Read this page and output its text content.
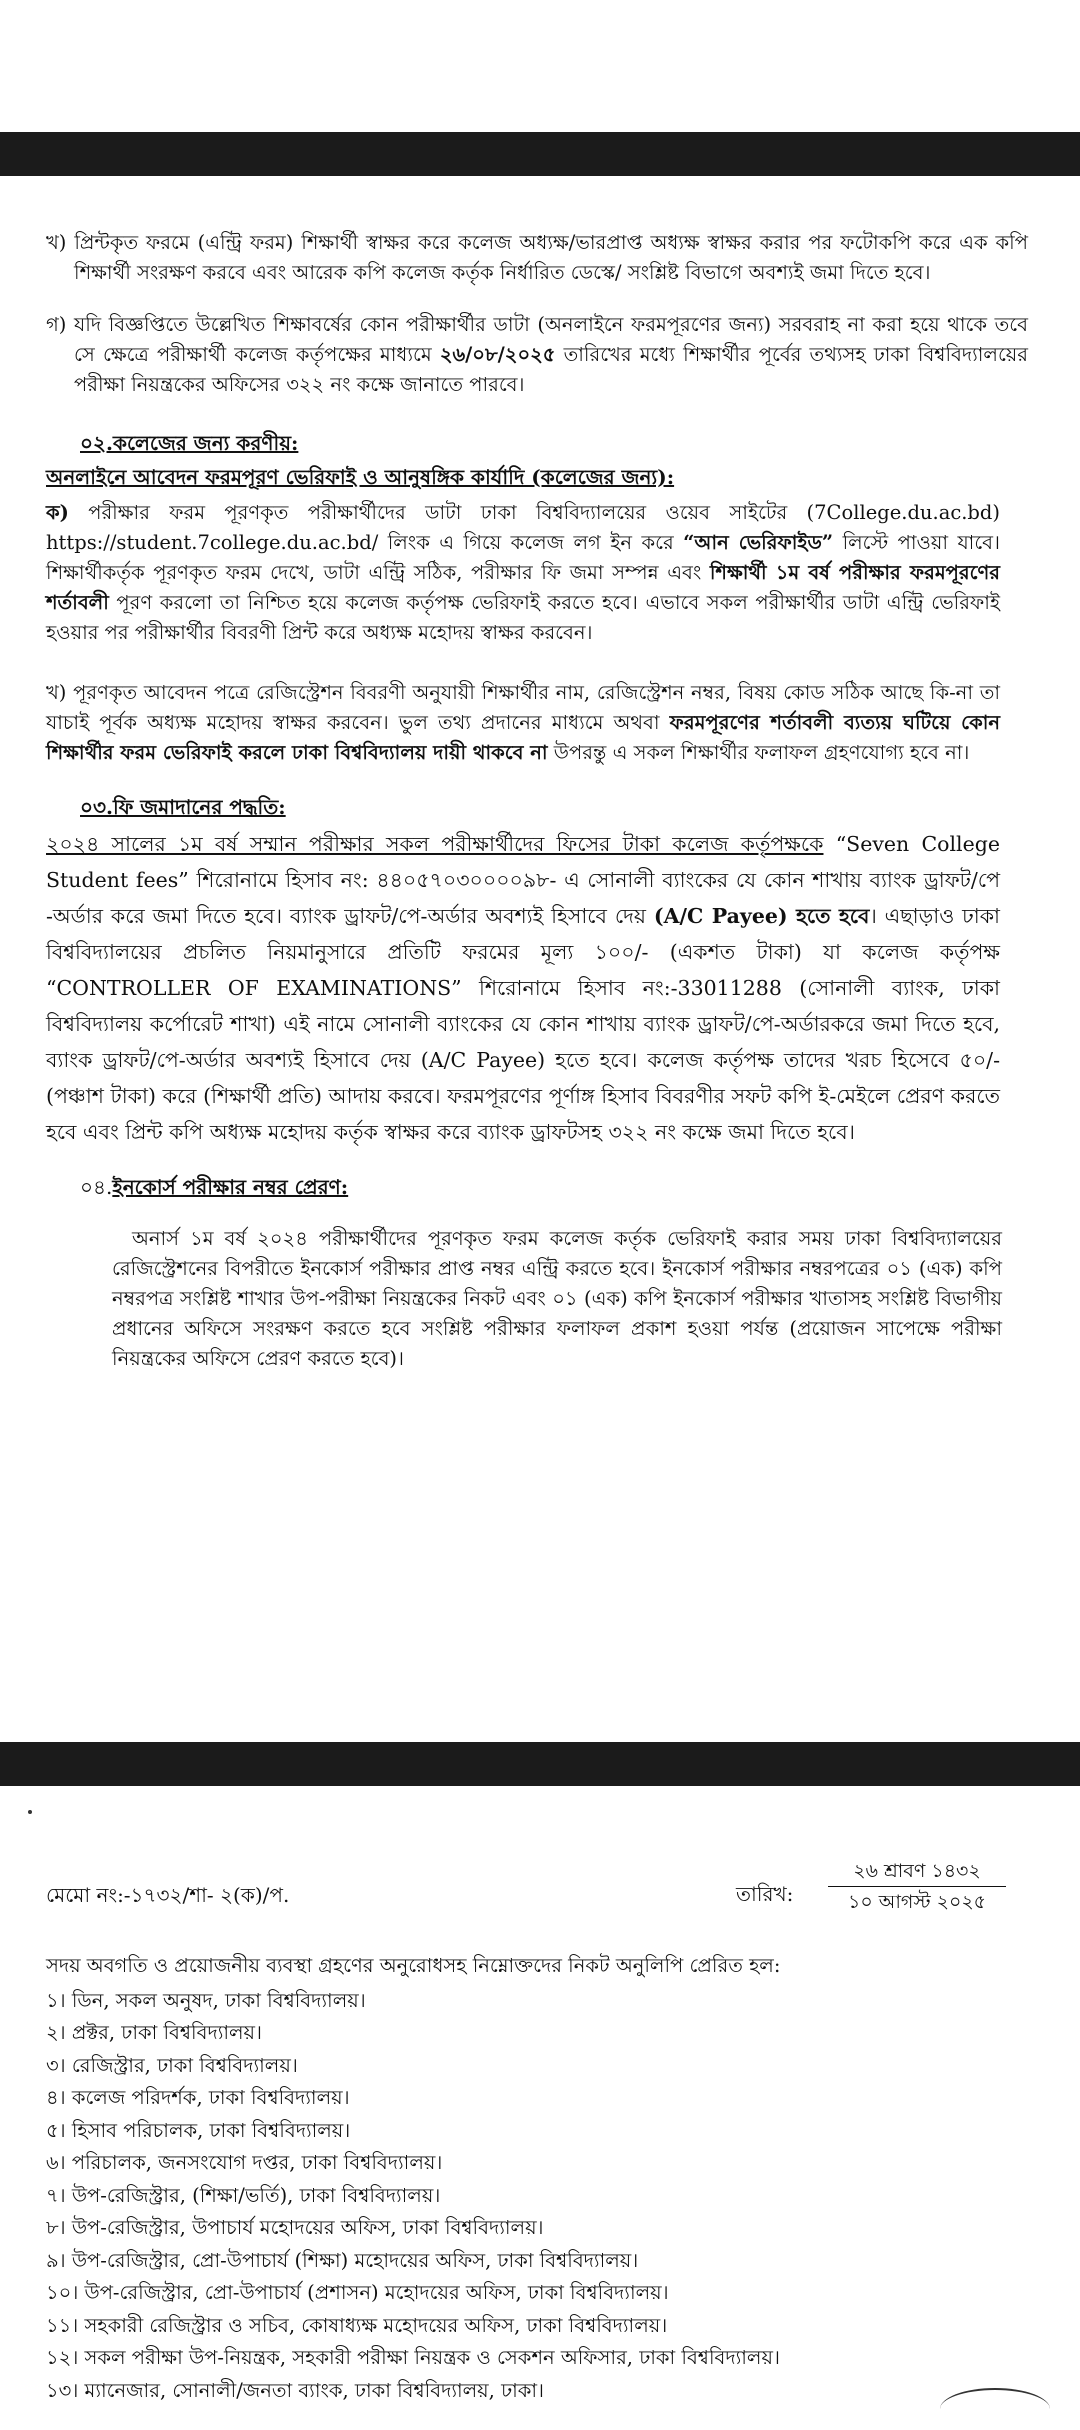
খ) প্রিন্টকৃত ফরমে (এন্ট্রি ফরম) শিক্ষার্থী স্বাক্ষর করে কলেজ অধ্যক্ষ/ভারপ্রাপ্ত অধ্যক্ষ স্বাক্ষর করার পর ফটোকপি করে এক কপি শিক্ষার্থী সংরক্ষণ করবে এবং আরেক কপি কলেজ কর্তৃক নির্ধারিত ডেস্কে/ সংশ্লিষ্ট বিভাগে অবশ্যই জমা দিতে হবে।
গ) যদি বিজ্ঞপ্তিতে উল্লেখিত শিক্ষাবর্ষের কোন পরীক্ষার্থীর ডাটা (অনলাইনে ফরমপূরণের জন্য) সরবরাহ না করা হয়ে থাকে তবে সে ক্ষেত্রে পরীক্ষার্থী কলেজ কর্তৃপক্ষের মাধ্যমে ২৬/০৮/২০২৫ তারিখের মধ্যে শিক্ষার্থীর পূর্বের তথ্যসহ ঢাকা বিশ্ববিদ্যালয়ের পরীক্ষা নিয়ন্ত্রকের অফিসের ৩২২ নং কক্ষে জানাতে পারবে।
০২.কলেজের জন্য করণীয়:
অনলাইনে আবেদন ফরমপূরণ ভেরিফাই ও আনুষঙ্গিক কার্যাদি (কলেজের জন্য):
ক) পরীক্ষার ফরম পূরণকৃত পরীক্ষার্থীদের ডাটা ঢাকা বিশ্ববিদ্যালয়ের ওয়েব সাইটের (7College.du.ac.bd) https://student.7college.du.ac.bd/ লিংক এ গিয়ে কলেজ লগ ইন করে “আন ভেরিফাইড” লিস্টে পাওয়া যাবে। শিক্ষার্থীকর্তৃক পূরণকৃত ফরম দেখে, ডাটা এন্ট্রি সঠিক, পরীক্ষার ফি জমা সম্পন্ন এবং শিক্ষার্থী ১ম বর্ষ পরীক্ষার ফরমপূরণের শর্তাবলী পূরণ করলো তা নিশ্চিত হয়ে কলেজ কর্তৃপক্ষ ভেরিফাই করতে হবে। এভাবে সকল পরীক্ষার্থীর ডাটা এন্ট্রি ভেরিফাই হওয়ার পর পরীক্ষার্থীর বিবরণী প্রিন্ট করে অধ্যক্ষ মহোদয় স্বাক্ষর করবেন।
খ) পূরণকৃত আবেদন পত্রে রেজিস্ট্রেশন বিবরণী অনুযায়ী শিক্ষার্থীর নাম, রেজিস্ট্রেশন নম্বর, বিষয় কোড সঠিক আছে কি-না তা যাচাই পূর্বক অধ্যক্ষ মহোদয় স্বাক্ষর করবেন। ভুল তথ্য প্রদানের মাধ্যমে অথবা ফরমপূরণের শর্তাবলী ব্যত্যয় ঘটিয়ে কোন শিক্ষার্থীর ফরম ভেরিফাই করলে ঢাকা বিশ্ববিদ্যালয় দায়ী থাকবে না উপরন্তু এ সকল শিক্ষার্থীর ফলাফল গ্রহণযোগ্য হবে না।
০৩.ফি জমাদানের পদ্ধতি:
২০২৪ সালের ১ম বর্ষ সম্মান পরীক্ষার সকল পরীক্ষার্থীদের ফিসের টাকা কলেজ কর্তৃপক্ষকে “Seven College Student fees” শিরোনামে হিসাব নং: ৪৪০৫৭০৩০০০০৯৮- এ সোনালী ব্যাংকের যে কোন শাখায় ব্যাংক ড্রাফট/পে -অর্ডার করে জমা দিতে হবে। ব্যাংক ড্রাফট/পে-অর্ডার অবশ্যই হিসাবে দেয় (A/C Payee) হতে হবে। এছাড়াও ঢাকা বিশ্ববিদ্যালয়ের প্রচলিত নিয়মানুসারে প্রতিটি ফরমের মূল্য ১০০/- (একশত টাকা) যা কলেজ কর্তৃপক্ষ “CONTROLLER OF EXAMINATIONS” শিরোনামে হিসাব নং:-33011288 (সোনালী ব্যাংক, ঢাকা বিশ্ববিদ্যালয় কর্পোরেট শাখা) এই নামে সোনালী ব্যাংকের যে কোন শাখায় ব্যাংক ড্রাফট/পে-অর্ডারকরে জমা দিতে হবে, ব্যাংক ড্রাফট/পে-অর্ডার অবশ্যই হিসাবে দেয় (A/C Payee) হতে হবে। কলেজ কর্তৃপক্ষ তাদের খরচ হিসেবে ৫০/- (পঞ্চাশ টাকা) করে (শিক্ষার্থী প্রতি) আদায় করবে। ফরমপূরণের পূর্ণাঙ্গ হিসাব বিবরণীর সফট কপি ই-মেইলে প্রেরণ করতে হবে এবং প্রিন্ট কপি অধ্যক্ষ মহোদয় কর্তৃক স্বাক্ষর করে ব্যাংক ড্রাফটসহ ৩২২ নং কক্ষে জমা দিতে হবে।
০৪.ইনকোর্স পরীক্ষার নম্বর প্রেরণ:
অনার্স ১ম বর্ষ ২০২৪ পরীক্ষার্থীদের পূরণকৃত ফরম কলেজ কর্তৃক ভেরিফাই করার সময় ঢাকা বিশ্ববিদ্যালয়ের রেজিস্ট্রেশনের বিপরীতে ইনকোর্স পরীক্ষার প্রাপ্ত নম্বর এন্ট্রি করতে হবে। ইনকোর্স পরীক্ষার নম্বরপত্রের ০১ (এক) কপি নম্বরপত্র সংশ্লিষ্ট শাখার উপ-পরীক্ষা নিয়ন্ত্রকের নিকট এবং ০১ (এক) কপি ইনকোর্স পরীক্ষার খাতাসহ সংশ্লিষ্ট বিভাগীয় প্রধানের অফিসে সংরক্ষণ করতে হবে সংশ্লিষ্ট পরীক্ষার ফলাফল প্রকাশ হওয়া পর্যন্ত (প্রয়োজন সাপেক্ষে পরীক্ষা নিয়ন্ত্রকের অফিসে প্রেরণ করতে হবে)।
মেমো নং:-১৭৩২/শা- ২(ক)/প.	তারিখ:
২৬ শ্রাবণ ১৪৩২
১০ আগস্ট ২০২৫
সদয় অবগতি ও প্রয়োজনীয় ব্যবস্থা গ্রহণের অনুরোধসহ নিম্নোক্তদের নিকট অনুলিপি প্রেরিত হল:
১। ডিন, সকল অনুষদ, ঢাকা বিশ্ববিদ্যালয়।
২। প্রক্টর, ঢাকা বিশ্ববিদ্যালয়।
৩। রেজিস্ট্রার, ঢাকা বিশ্ববিদ্যালয়।
৪। কলেজ পরিদর্শক, ঢাকা বিশ্ববিদ্যালয়।
৫। হিসাব পরিচালক, ঢাকা বিশ্ববিদ্যালয়।
৬। পরিচালক, জনসংযোগ দপ্তর, ঢাকা বিশ্ববিদ্যালয়।
৭। উপ-রেজিস্ট্রার, (শিক্ষা/ভর্তি), ঢাকা বিশ্ববিদ্যালয়।
৮। উপ-রেজিস্ট্রার, উপাচার্য মহোদয়ের অফিস, ঢাকা বিশ্ববিদ্যালয়।
৯। উপ-রেজিস্ট্রার, প্রো-উপাচার্য (শিক্ষা) মহোদয়ের অফিস, ঢাকা বিশ্ববিদ্যালয়।
১০। উপ-রেজিস্ট্রার, প্রো-উপাচার্য (প্রশাসন) মহোদয়ের অফিস, ঢাকা বিশ্ববিদ্যালয়।
১১। সহকারী রেজিস্ট্রার ও সচিব, কোষাধ্যক্ষ মহোদয়ের অফিস, ঢাকা বিশ্ববিদ্যালয়।
১২। সকল পরীক্ষা উপ-নিয়ন্ত্রক, সহকারী পরীক্ষা নিয়ন্ত্রক ও সেকশন অফিসার, ঢাকা বিশ্ববিদ্যালয়।
১৩। ম্যানেজার, সোনালী/জনতা ব্যাংক, ঢাকা বিশ্ববিদ্যালয়, ঢাকা।
